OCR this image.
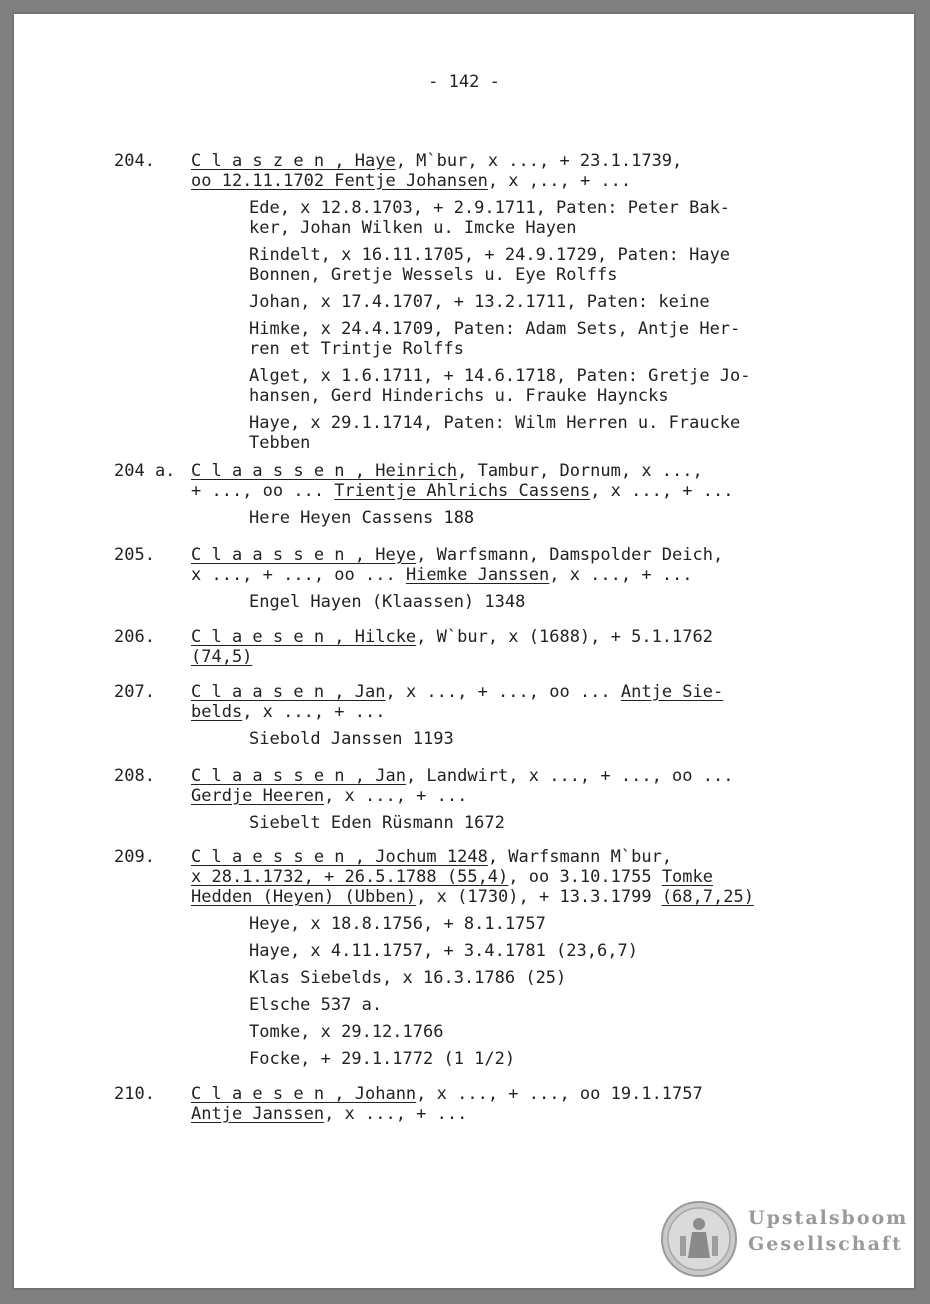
- 142 -
204. C l a s z e n , Haye, M`bur, x ..., + 23.1.1739,
oo 12.11.1702 Fentje Johansen, x ,.., + ...
Ede, x 12.8.1703, + 2.9.1711, Paten: Peter Bak-
ker, Johan Wilken u. Imcke Hayen
Rindelt, x 16.11.1705, + 24.9.1729, Paten: Haye
Bonnen, Gretje Wessels u. Eye Rolffs
Johan, x 17.4.1707, + 13.2.1711, Paten: keine
Himke, x 24.4.1709, Paten: Adam Sets, Antje Her-
ren et Trintje Rolffs
Alget, x 1.6.1711, + 14.6.1718, Paten: Gretje Jo-
hansen, Gerd Hinderichs u. Frauke Hayncks
Haye, x 29.1.1714, Paten: Wilm Herren u. Fraucke
Tebben
204 a. C l a a s s e n , Heinrich, Tambur, Dornum, x ...,
+ ..., oo ... Trientje Ahlrichs Cassens, x ..., + ...
Here Heyen Cassens 188
205. C l a a s s e n , Heye, Warfsmann, Damspolder Deich,
x ..., + ..., oo ... Hiemke Janssen, x ..., + ...
Engel Hayen (Klaassen) 1348
206. C l a e s e n , Hilcke, W`bur, x (1688), + 5.1.1762
(74,5)
207. C l a a s e n , Jan, x ..., + ..., oo ... Antje Sie-
belds, x ..., + ...
Siebold Janssen 1193
208. C l a a s s e n , Jan, Landwirt, x ..., + ..., oo ...
Gerdje Heeren, x ..., + ...
Siebelt Eden Rüsmann 1672
209. C l a e s s e n , Jochum 1248, Warfsmann M`bur,
x 28.1.1732, + 26.5.1788 (55,4), oo 3.10.1755 Tomke
Hedden (Heyen) (Ubben), x (1730), + 13.3.1799 (68,7,25)
Heye, x 18.8.1756, + 8.1.1757
Haye, x 4.11.1757, + 3.4.1781 (23,6,7)
Klas Siebelds, x 16.3.1786 (25)
Elsche 537 a.
Tomke, x 29.12.1766
Focke, + 29.1.1772 (1 1/2)
210. C l a e s e n , Johann, x ..., + ..., oo 19.1.1757
Antje Janssen, x ..., + ...
Upstalsboom
Gesellschaft
